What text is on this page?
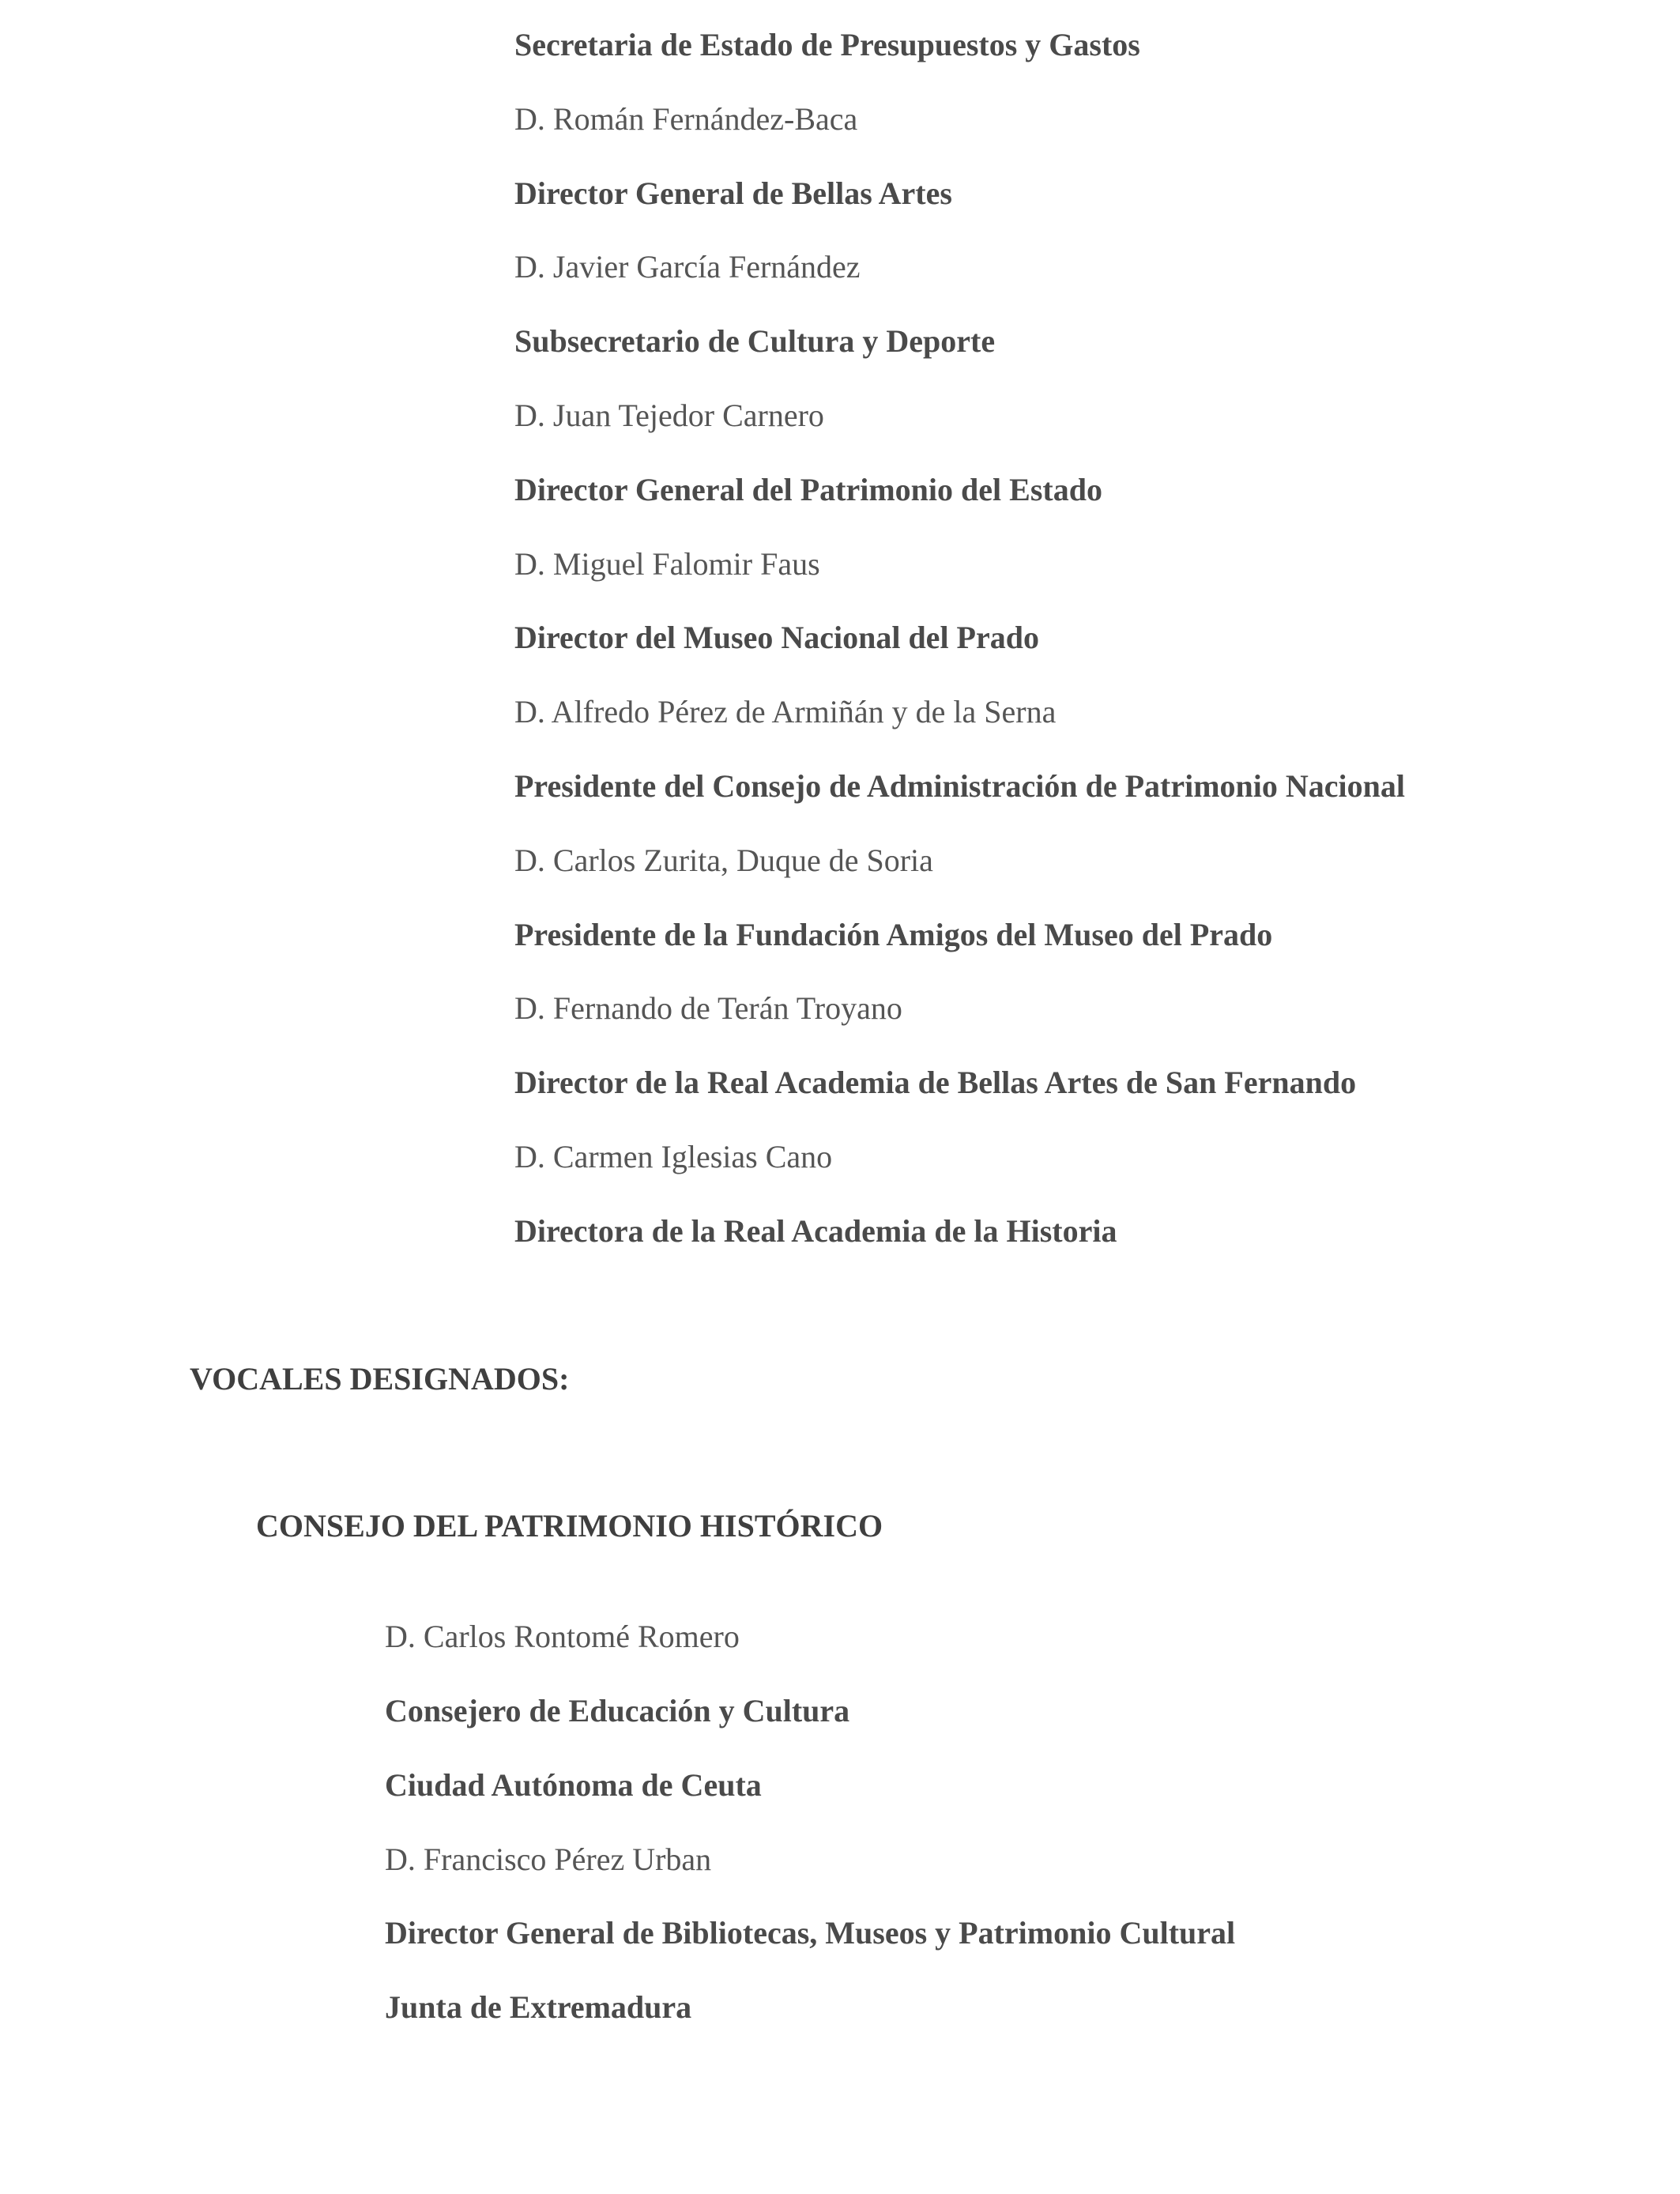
Secretaria de Estado de Presupuestos y Gastos

D. Román Fernández-Baca

Director General de Bellas Artes

D. Javier García Fernández

Subsecretario de Cultura y Deporte

D. Juan Tejedor Carnero

Director General del Patrimonio del Estado

D. Miguel Falomir Faus

Director del Museo Nacional del Prado

D. Alfredo Pérez de Armiñán y de la Serna

Presidente del Consejo de Administración de Patrimonio Nacional

D. Carlos Zurita, Duque de Soria

Presidente de la Fundación Amigos del Museo del Prado

D. Fernando de Terán Troyano

Director de la Real Academia de Bellas Artes de San Fernando

D. Carmen Iglesias Cano

Directora de la Real Academia de la Historia

VOCALES DESIGNADOS:

CONSEJO DEL PATRIMONIO HISTÓRICO

D. Carlos Rontomé Romero

Consejero de Educación y Cultura

Ciudad Autónoma de Ceuta

D. Francisco Pérez Urban

Director General de Bibliotecas, Museos y Patrimonio Cultural

Junta de Extremadura
